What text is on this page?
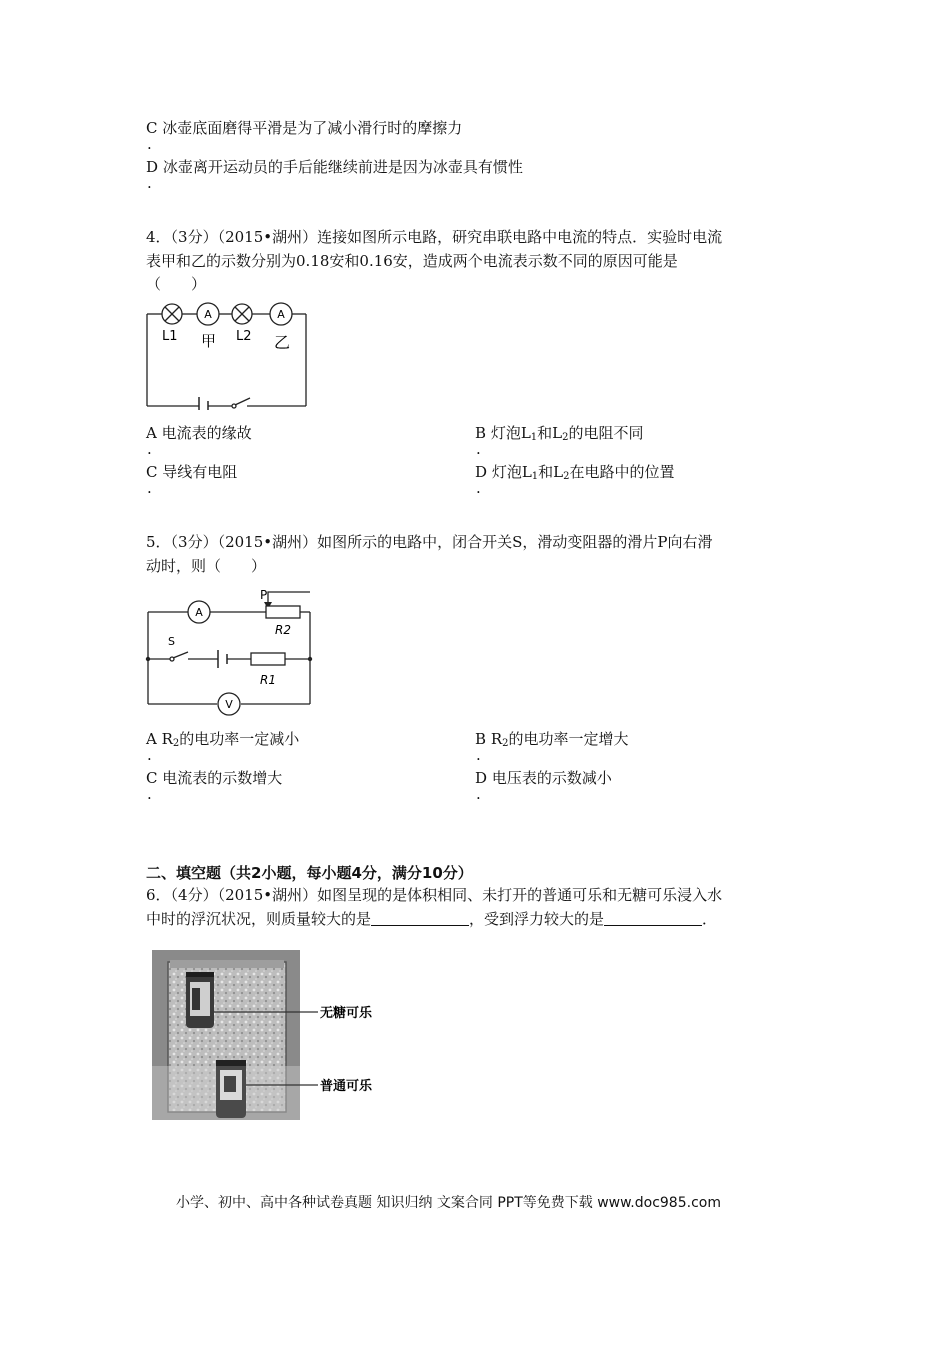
C 冰壶底面磨得平滑是为了减小滑行时的摩擦力
.
D 冰壶离开运动员的手后能继续前进是因为冰壶具有惯性
.
4．（3分）（2015•湖州）连接如图所示电路，研究串联电路中电流的特点．实验时电流
表甲和乙的示数分别为0.18安和0.16安，造成两个电流表示数不同的原因可能是
（　　）
A	A
L1 甲 L2 乙
A 电流表的缘故
.
B 灯泡$L_1$和$L_2$的电阻不同
.
C 导线有电阻
.
D 灯泡$L_1$和$L_2$在电路中的位置
.
5．（3分）（2015•湖州）如图所示的电路中，闭合开关S，滑动变阻器的滑片P向右滑
动时，则（　　）
A
P
R2
S
R1
V
A $R_2$的电功率一定减小
.
B $R_2$的电功率一定增大
.
C 电流表的示数增大
.
D 电压表的示数减小
.
二、填空题（共2小题，每小题4分，满分10分）
6．（4分）（2015•湖州）如图呈现的是体积相同、未打开的普通可乐和无糖可乐浸入水
中时的浮沉状况，则质量较大的是	，受到浮力较大的是	．
无糖可乐
普通可乐
小学、初中、高中各种试卷真题 知识归纳 文案合同 PPT等免费下载 www.doc985.com
